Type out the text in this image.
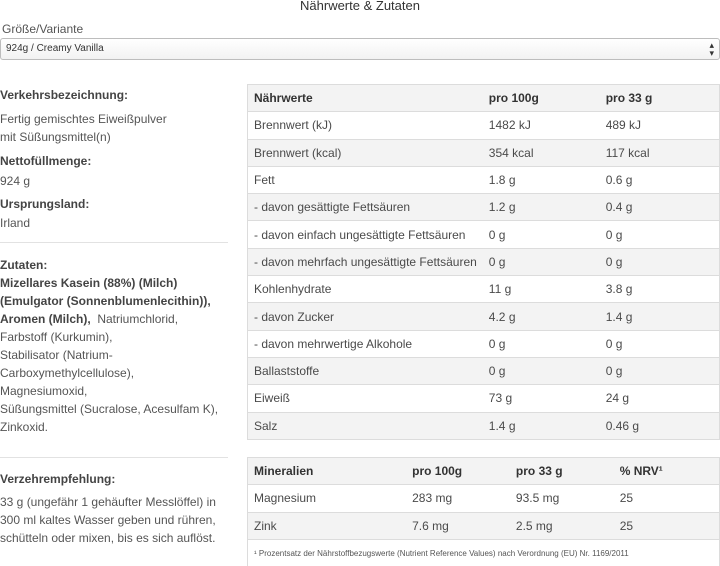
Nährwerte & Zutaten
Größe/Variante
924g / Creamy Vanilla	▴
▾
Verkehrsbezeichnung:
Fertig gemischtes Eiweißpulver
mit Süßungsmittel(n)
Nettofüllmenge:
924 g
Ursprungsland:
Irland
Zutaten:
Mizellares Kasein (88%) (Milch)
(Emulgator (Sonnenblumenlecithin)),
Aromen (Milch), Natriumchlorid,
Farbstoff (Kurkumin),
Stabilisator (Natrium-
Carboxymethylcellulose),
Magnesiumoxid,
Süßungsmittel (Sucralose, Acesulfam K),
Zinkoxid.
Verzehrempfehlung:
33 g (ungefähr 1 gehäufter Messlöffel) in
300 ml kaltes Wasser geben und rühren,
schütteln oder mixen, bis es sich auflöst.
Nährwerte	pro 100g	pro 33 g
Brennwert (kJ)	1482 kJ	489 kJ
Brennwert (kcal)	354 kcal	117 kcal
Fett	1.8 g	0.6 g
- davon gesättigte Fettsäuren	1.2 g	0.4 g
- davon einfach ungesättigte Fettsäuren	0 g	0 g
- davon mehrfach ungesättigte Fettsäuren	0 g	0 g
Kohlenhydrate	11 g	3.8 g
- davon Zucker	4.2 g	1.4 g
- davon mehrwertige Alkohole	0 g	0 g
Ballaststoffe	0 g	0 g
Eiweiß	73 g	24 g
Salz	1.4 g	0.46 g
Mineralien	pro 100g	pro 33 g	% NRV¹
Magnesium	283 mg	93.5 mg	25
Zink	7.6 mg	2.5 mg	25
¹ Prozentsatz der Nährstoffbezugswerte (Nutrient Reference Values) nach Verordnung (EU) Nr. 1169/2011			
